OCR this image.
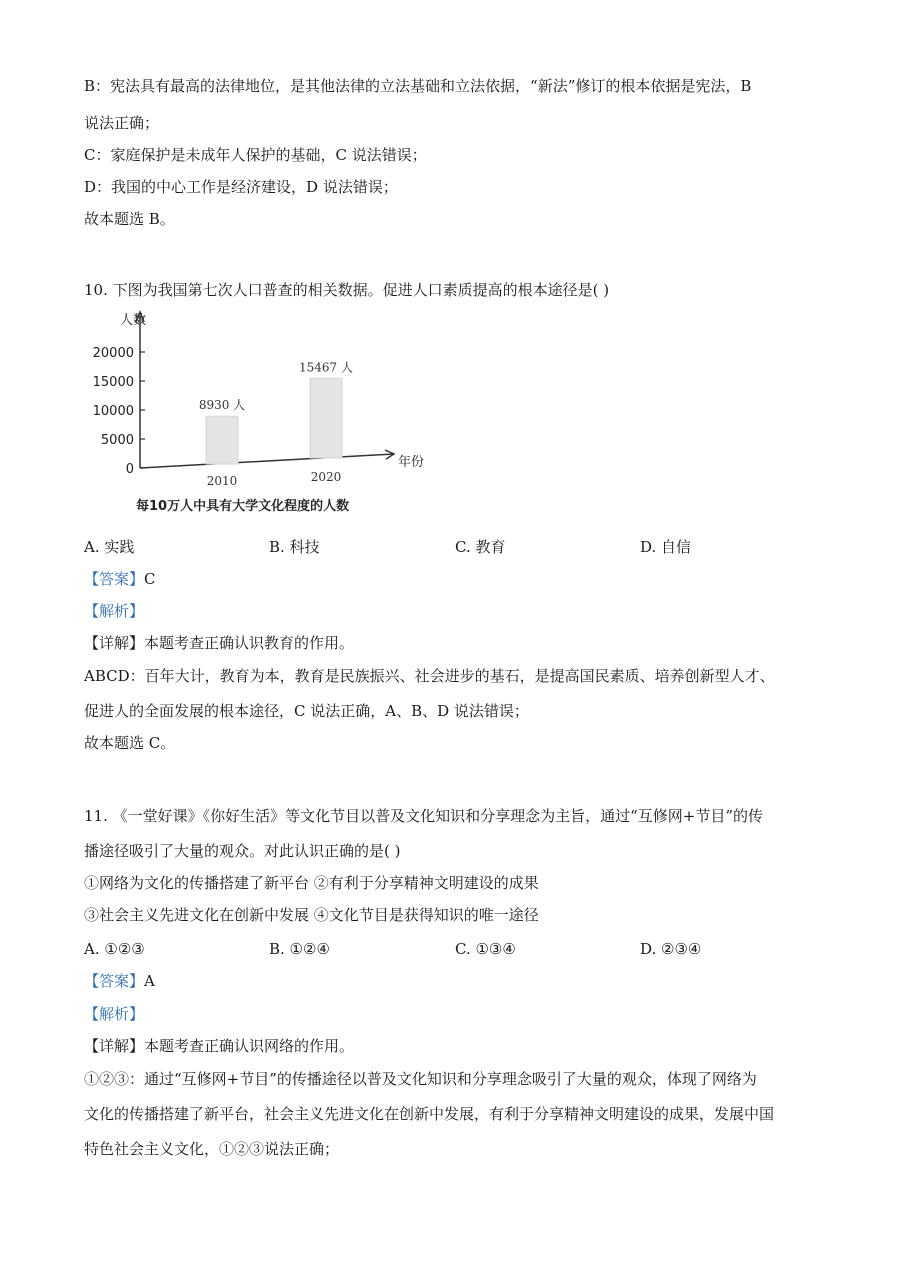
B：宪法具有最高的法律地位，是其他法律的立法基础和立法依据，“新法”修订的根本依据是宪法，B
说法正确；
C：家庭保护是未成年人保护的基础，C 说法错误；
D：我国的中心工作是经济建设，D 说法错误；
故本题选 B。
10. 下图为我国第七次人口普查的相关数据。促进人口素质提高的根本途径是( )
人数
年份
0
5000
10000
15000
20000
每10万人中具有大学文化程度的人数
8930 人
2010
15467 人
2020
A. 实践	B. 科技	C. 教育	D. 自信
【答案】C
【解析】
【详解】本题考查正确认识教育的作用。
ABCD：百年大计，教育为本，教育是民族振兴、社会进步的基石，是提高国民素质、培养创新型人才、
促进人的全面发展的根本途径，C 说法正确，A、B、D 说法错误；
故本题选 C。
11. 《一堂好课》《你好生活》等文化节目以普及文化知识和分享理念为主旨，通过“互修网+节目”的传
播途径吸引了大量的观众。对此认识正确的是( )
①网络为文化的传播搭建了新平台 ②有利于分享精神文明建设的成果
③社会主义先进文化在创新中发展 ④文化节目是获得知识的唯一途径
A. ①②③	B. ①②④	C. ①③④	D. ②③④
【答案】A
【解析】
【详解】本题考查正确认识网络的作用。
①②③：通过“互修网+节目”的传播途径以普及文化知识和分享理念吸引了大量的观众，体现了网络为
文化的传播搭建了新平台，社会主义先进文化在创新中发展，有利于分享精神文明建设的成果，发展中国
特色社会主义文化，①②③说法正确；
